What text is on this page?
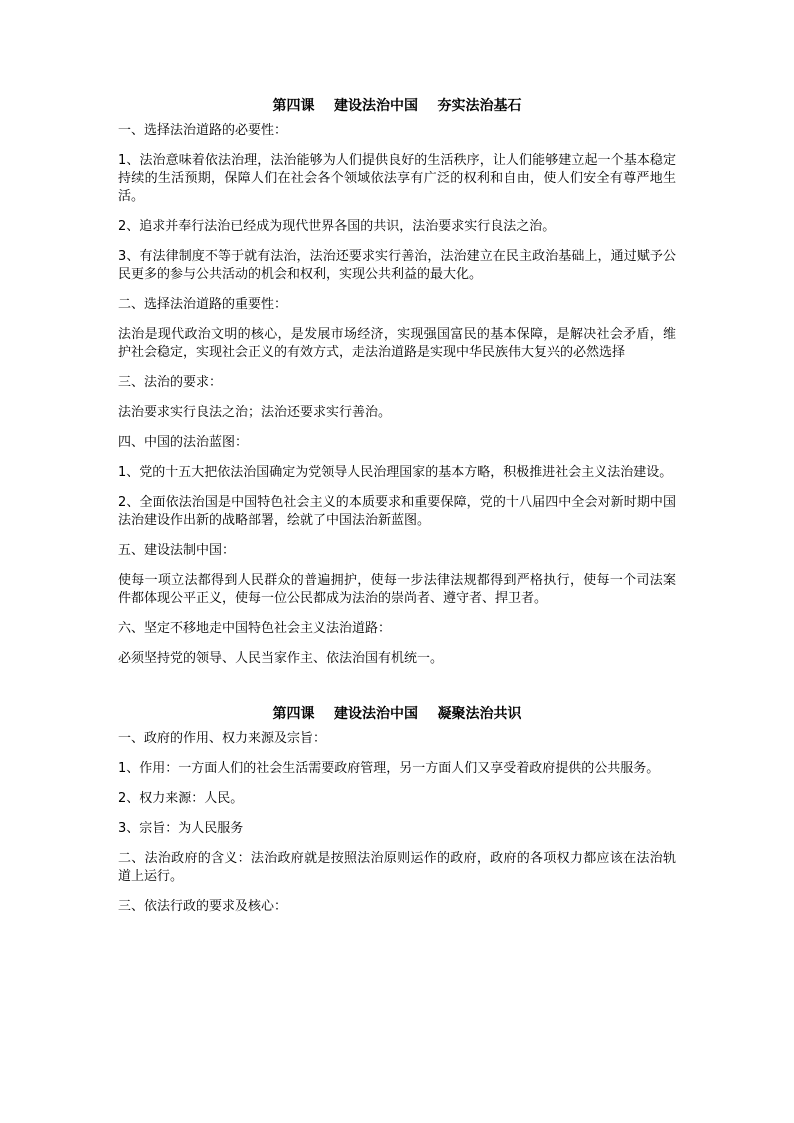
第四课    建设法治中国    夯实法治基石

一、选择法治道路的必要性：

1、法治意味着依法治理，法治能够为人们提供良好的生活秩序，让人们能够建立起一个基本稳定持续的生活预期，保障人们在社会各个领域依法享有广泛的权利和自由，使人们安全有尊严地生活。

2、追求并奉行法治已经成为现代世界各国的共识，法治要求实行良法之治。

3、有法律制度不等于就有法治，法治还要求实行善治，法治建立在民主政治基础上，通过赋予公民更多的参与公共活动的机会和权利，实现公共利益的最大化。

二、选择法治道路的重要性：

法治是现代政治文明的核心，是发展市场经济，实现强国富民的基本保障，是解决社会矛盾，维护社会稳定，实现社会正义的有效方式，走法治道路是实现中华民族伟大复兴的必然选择

三、法治的要求：

法治要求实行良法之治；法治还要求实行善治。

四、中国的法治蓝图：

1、党的十五大把依法治国确定为党领导人民治理国家的基本方略，积极推进社会主义法治建设。

2、全面依法治国是中国特色社会主义的本质要求和重要保障，党的十八届四中全会对新时期中国法治建设作出新的战略部署，绘就了中国法治新蓝图。

五、建设法制中国：

使每一项立法都得到人民群众的普遍拥护，使每一步法律法规都得到严格执行，使每一个司法案件都体现公平正义，使每一位公民都成为法治的崇尚者、遵守者、捍卫者。

六、坚定不移地走中国特色社会主义法治道路：

必须坚持党的领导、人民当家作主、依法治国有机统一。

第四课    建设法治中国    凝聚法治共识

一、政府的作用、权力来源及宗旨：

1、作用：一方面人们的社会生活需要政府管理，另一方面人们又享受着政府提供的公共服务。

2、权力来源：人民。

3、宗旨：为人民服务

二、法治政府的含义：法治政府就是按照法治原则运作的政府，政府的各项权力都应该在法治轨道上运行。

三、依法行政的要求及核心：
